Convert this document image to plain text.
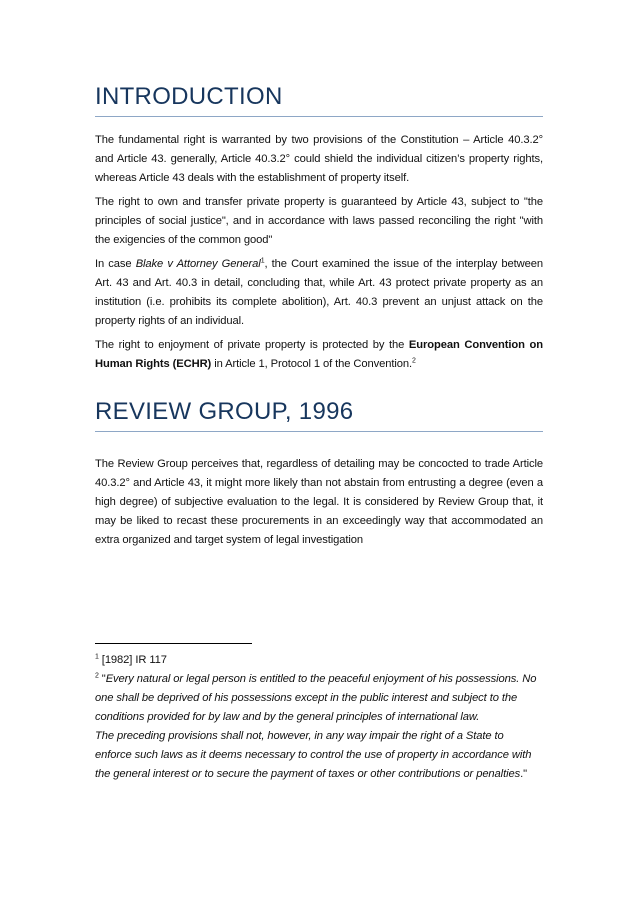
INTRODUCTION

The fundamental right is warranted by two provisions of the Constitution – Article 40.3.2° and Article 43. generally, Article 40.3.2° could shield the individual citizen’s property rights, whereas Article 43 deals with the establishment of property itself.

The right to own and transfer private property is guaranteed by Article 43, subject to "the principles of social justice", and in accordance with laws passed reconciling the right "with the exigencies of the common good"

In case Blake v Attorney General$^1$, the Court examined the issue of the interplay between Art. 43 and Art. 40.3 in detail, concluding that, while Art. 43 protect private property as an institution (i.e. prohibits its complete abolition), Art. 40.3 prevent an unjust attack on the property rights of an individual.

The right to enjoyment of private property is protected by the European Convention on Human Rights (ECHR) in Article 1, Protocol 1 of the Convention.$^2$

REVIEW GROUP, 1996

The Review Group perceives that, regardless of detailing may be concocted to trade Article 40.3.2° and Article 43, it might more likely than not abstain from entrusting a degree (even a high degree) of subjective evaluation to the legal. It is considered by Review Group that, it may be liked to recast these procurements in an exceedingly way that accommodated an extra organized and target system of legal investigation

$^1$ [1982] IR 117

$^2$ "Every natural or legal person is entitled to the peaceful enjoyment of his possessions. No one shall be deprived of his possessions except in the public interest and subject to the conditions provided for by law and by the general principles of international law.

The preceding provisions shall not, however, in any way impair the right of a State to enforce such laws as it deems necessary to control the use of property in accordance with the general interest or to secure the payment of taxes or other contributions or penalties."
